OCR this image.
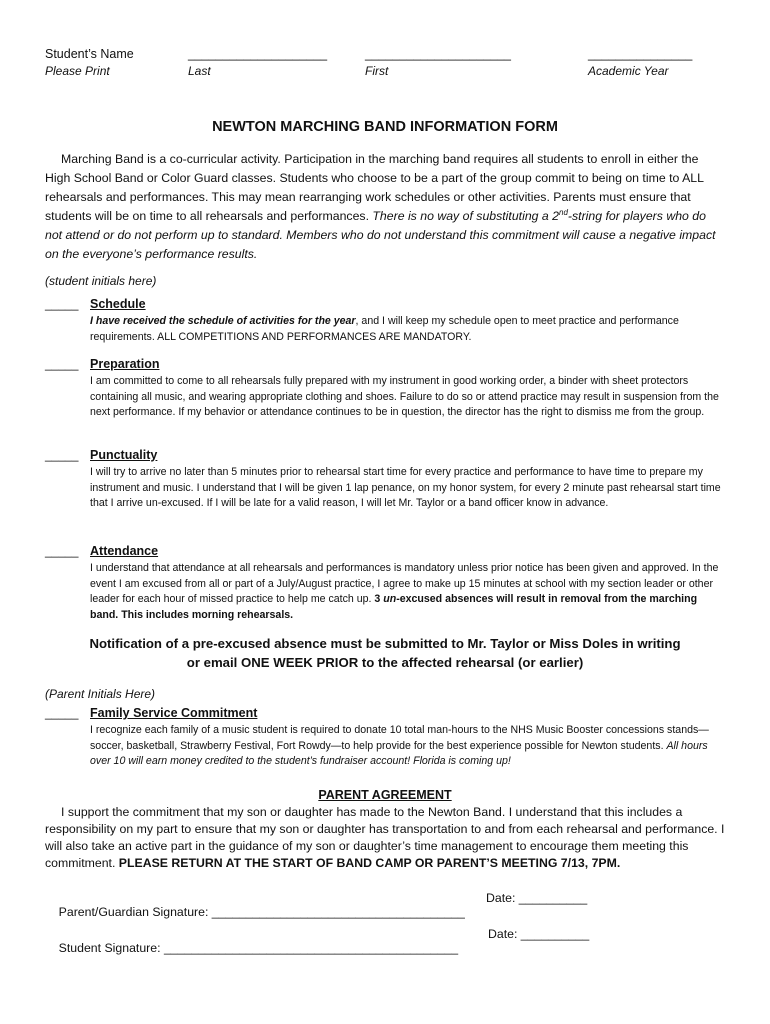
Student’s Name
Please Print
____________________
Last
_____________________
First
_______________
Academic Year
NEWTON MARCHING BAND INFORMATION FORM
Marching Band is a co-curricular activity. Participation in the marching band requires all students to enroll in either the High School Band or Color Guard classes. Students who choose to be a part of the group commit to being on time to ALL rehearsals and performances. This may mean rearranging work schedules or other activities. Parents must ensure that students will be on time to all rehearsals and performances. There is no way of substituting a 2nd-string for players who do not attend or do not perform up to standard. Members who do not understand this commitment will cause a negative impact on the everyone’s performance results.
(student initials here)
_____ Schedule
I have received the schedule of activities for the year, and I will keep my schedule open to meet practice and performance requirements. ALL COMPETITIONS AND PERFORMANCES ARE MANDATORY.
_____ Preparation
I am committed to come to all rehearsals fully prepared with my instrument in good working order, a binder with sheet protectors containing all music, and wearing appropriate clothing and shoes. Failure to do so or attend practice may result in suspension from the next performance. If my behavior or attendance continues to be in question, the director has the right to dismiss me from the group.
_____ Punctuality
I will try to arrive no later than 5 minutes prior to rehearsal start time for every practice and performance to have time to prepare my instrument and music. I understand that I will be given 1 lap penance, on my honor system, for every 2 minute past rehearsal start time that I arrive un-excused. If I will be late for a valid reason, I will let Mr. Taylor or a band officer know in advance.
_____ Attendance
I understand that attendance at all rehearsals and performances is mandatory unless prior notice has been given and approved. In the event I am excused from all or part of a July/August practice, I agree to make up 15 minutes at school with my section leader or other leader for each hour of missed practice to help me catch up. 3 un-excused absences will result in removal from the marching band. This includes morning rehearsals.
Notification of a pre-excused absence must be submitted to Mr. Taylor or Miss Doles in writing
or email ONE WEEK PRIOR to the affected rehearsal (or earlier)
(Parent Initials Here)
_____ Family Service Commitment
I recognize each family of a music student is required to donate 10 total man-hours to the NHS Music Booster concessions stands—soccer, basketball, Strawberry Festival, Fort Rowdy—to help provide for the best experience possible for Newton students. All hours over 10 will earn money credited to the student’s fundraiser account! Florida is coming up!
PARENT AGREEMENT
I support the commitment that my son or daughter has made to the Newton Band. I understand that this includes a responsibility on my part to ensure that my son or daughter has transportation to and from each rehearsal and performance. I will also take an active part in the guidance of my son or daughter’s time management to encourage them meeting this commitment. PLEASE RETURN AT THE START OF BAND CAMP OR PARENT’S MEETING 7/13, 7PM.

Parent/Guardian Signature: _____________________________________

Date: __________

Student Signature: ___________________________________________

Date: __________
